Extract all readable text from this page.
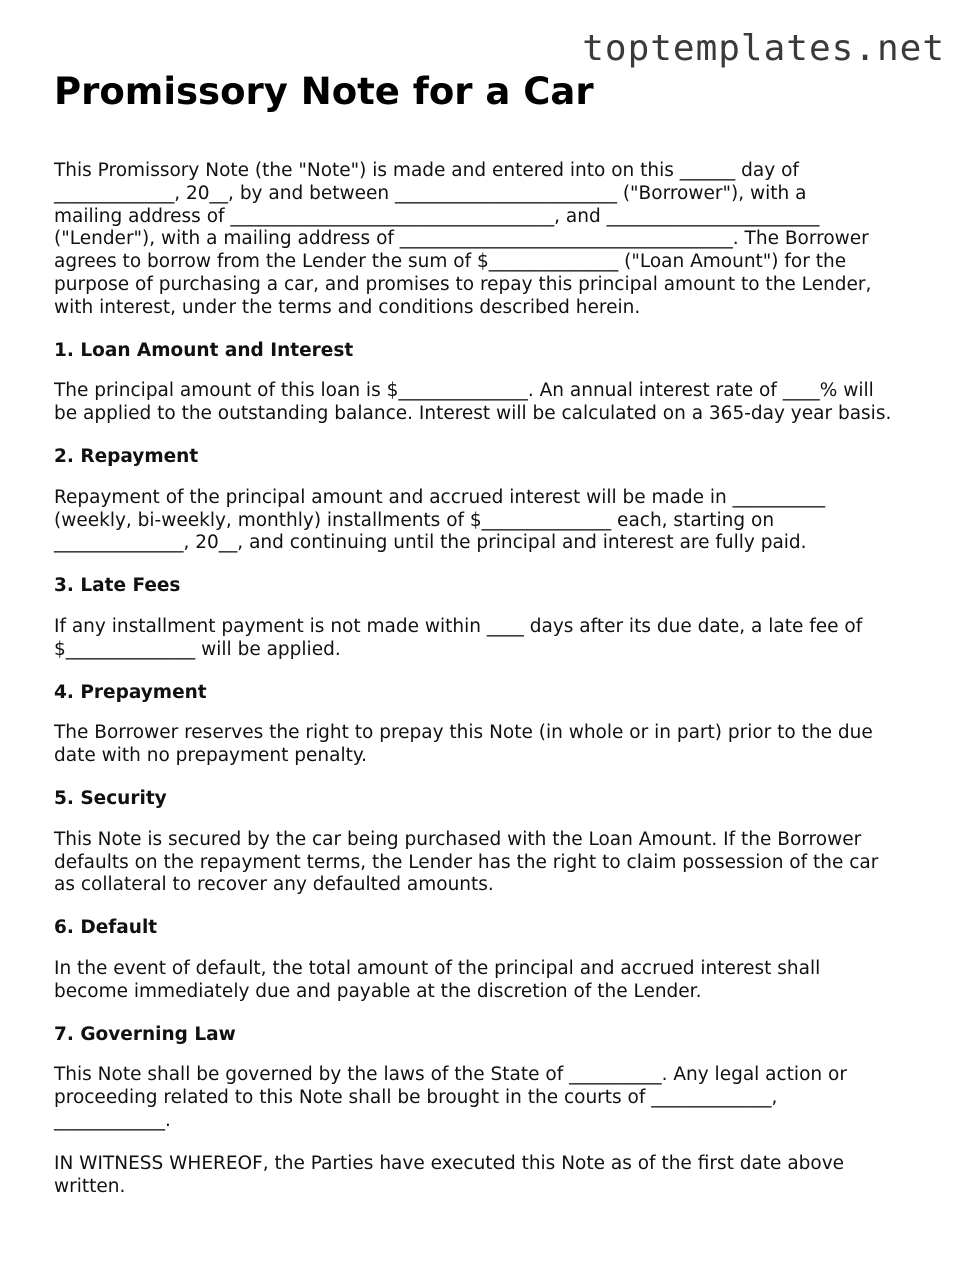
toptemplates.net
Promissory Note for a Car

This Promissory Note (the "Note") is made and entered into on this ______ day of
_____________, 20__, by and between ________________________ ("Borrower"), with a
mailing address of ___________________________________, and _______________________
("Lender"), with a mailing address of ____________________________________. The Borrower
agrees to borrow from the Lender the sum of $______________ ("Loan Amount") for the
purpose of purchasing a car, and promises to repay this principal amount to the Lender,
with interest, under the terms and conditions described herein.

1. Loan Amount and Interest

The principal amount of this loan is $______________. An annual interest rate of ____% will
be applied to the outstanding balance. Interest will be calculated on a 365-day year basis.

2. Repayment

Repayment of the principal amount and accrued interest will be made in __________
(weekly, bi-weekly, monthly) installments of $______________ each, starting on
______________, 20__, and continuing until the principal and interest are fully paid.

3. Late Fees

If any installment payment is not made within ____ days after its due date, a late fee of
$______________ will be applied.

4. Prepayment

The Borrower reserves the right to prepay this Note (in whole or in part) prior to the due
date with no prepayment penalty.

5. Security

This Note is secured by the car being purchased with the Loan Amount. If the Borrower
defaults on the repayment terms, the Lender has the right to claim possession of the car
as collateral to recover any defaulted amounts.

6. Default

In the event of default, the total amount of the principal and accrued interest shall
become immediately due and payable at the discretion of the Lender.

7. Governing Law

This Note shall be governed by the laws of the State of __________. Any legal action or
proceeding related to this Note shall be brought in the courts of _____________,
____________.

IN WITNESS WHEREOF, the Parties have executed this Note as of the first date above
written.
